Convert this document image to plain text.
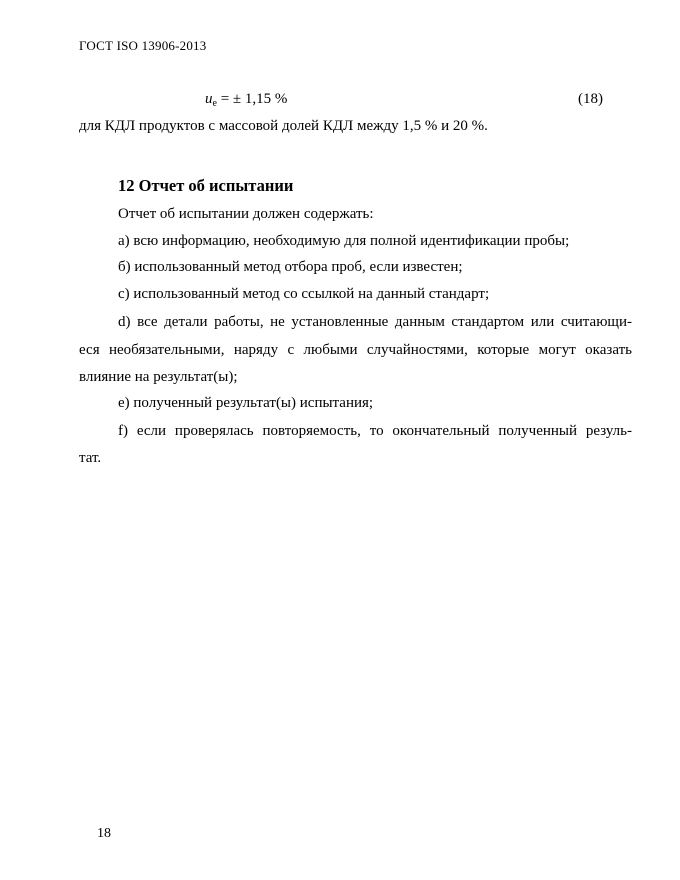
ГОСТ ISO 13906-2013
$u_e$ = ± 1,15 %	(18)
для КДЛ продуктов с массовой долей КДЛ между 1,5 % и 20 %.
12 Отчет об испытании
Отчет об испытании должен содержать:
а) всю информацию, необходимую для полной идентификации пробы;
б) использованный метод отбора проб, если известен;
с) использованный метод со ссылкой на данный стандарт;
d) все детали работы, не установленные данным стандартом или считающи-
еся необязательными, наряду с любыми случайностями, которые могут оказать
влияние на результат(ы);
е) полученный результат(ы) испытания;
f) если проверялась повторяемость, то окончательный полученный резуль-
тат.
18
